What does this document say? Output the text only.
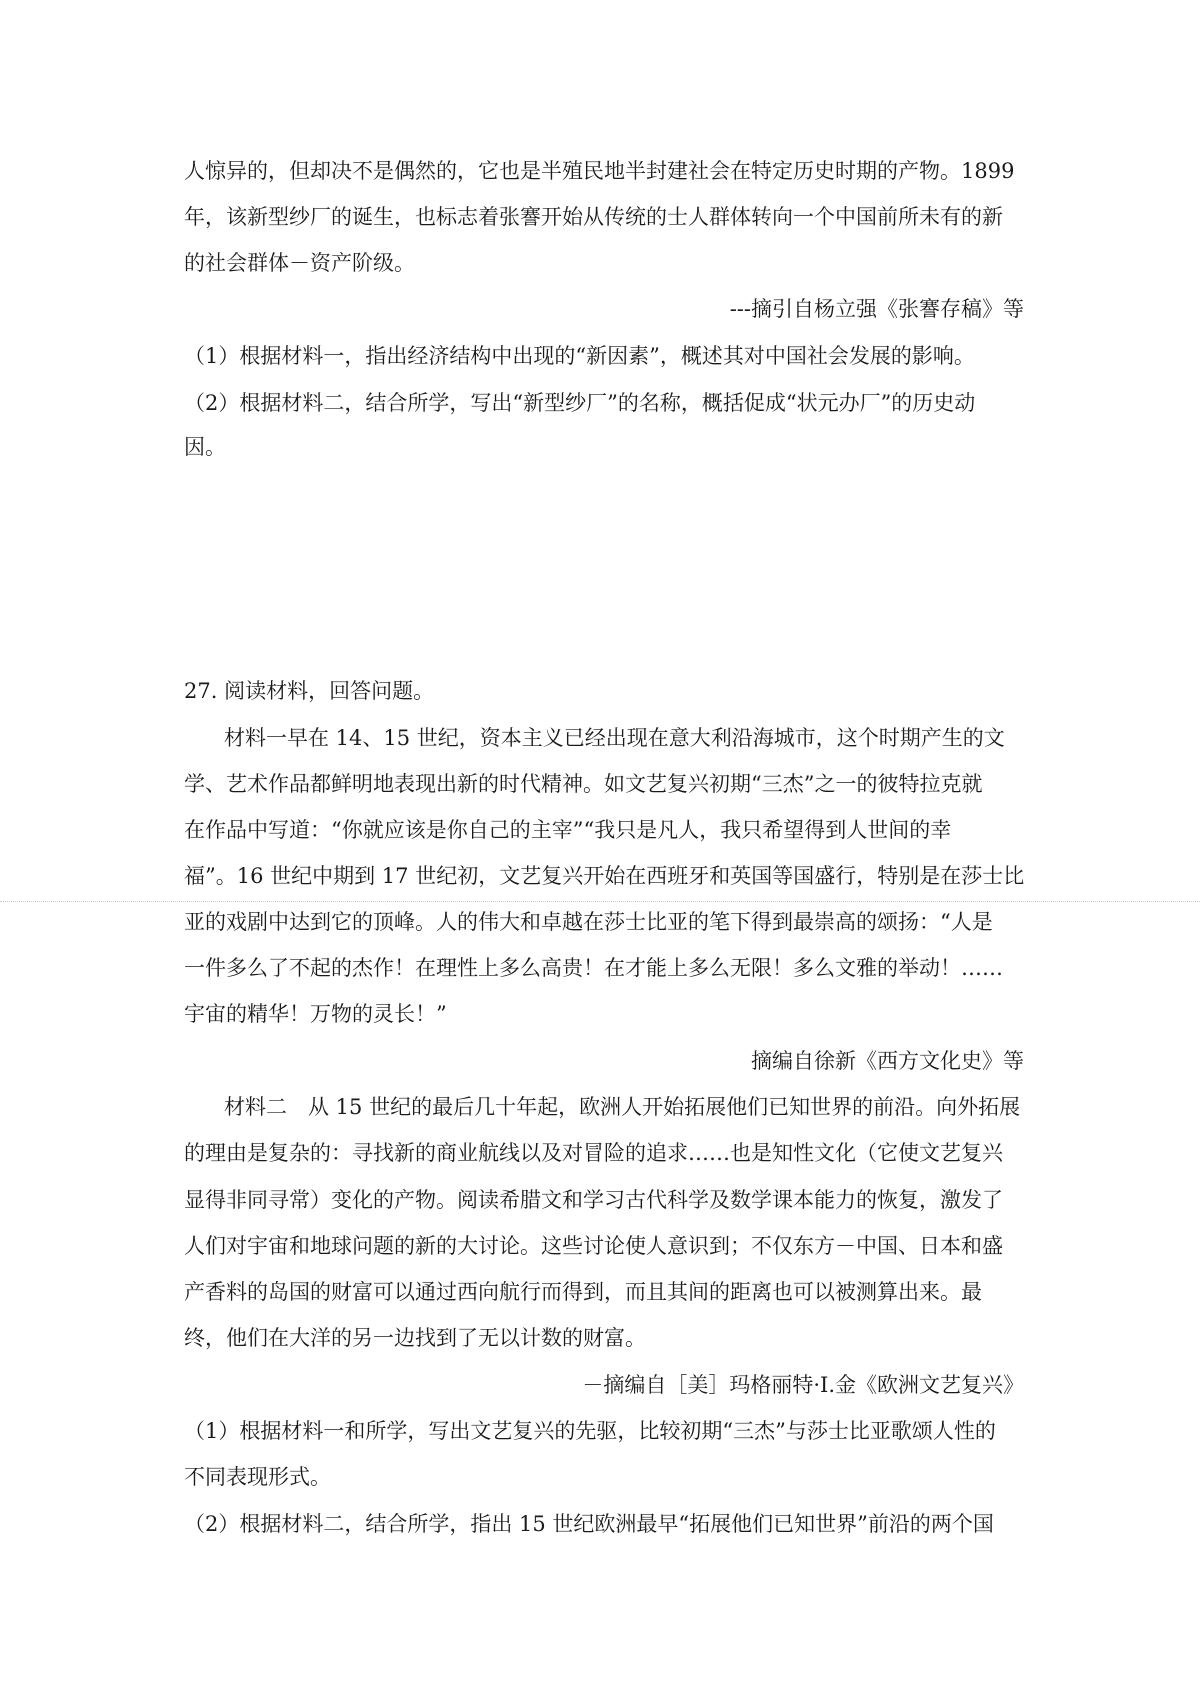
人惊异的，但却决不是偶然的，它也是半殖民地半封建社会在特定历史时期的产物。1899

年，该新型纱厂的诞生，也标志着张謇开始从传统的士人群体转向一个中国前所未有的新

的社会群体－资产阶级。

---摘引自杨立强《张謇存稿》等

（1）根据材料一，指出经济结构中出现的“新因素”，概述其对中国社会发展的影响。

（2）根据材料二，结合所学，写出“新型纱厂”的名称，概括促成“状元办厂”的历史动

因。

27. 阅读材料，回答问题。

材料一早在 14、15 世纪，资本主义已经出现在意大利沿海城市，这个时期产生的文

学、艺术作品都鲜明地表现出新的时代精神。如文艺复兴初期“三杰”之一的彼特拉克就

在作品中写道：“你就应该是你自己的主宰”“我只是凡人，我只希望得到人世间的幸

福”。16 世纪中期到 17 世纪初，文艺复兴开始在西班牙和英国等国盛行，特别是在莎士比

亚的戏剧中达到它的顶峰。人的伟大和卓越在莎士比亚的笔下得到最崇高的颂扬：“人是

一件多么了不起的杰作！在理性上多么高贵！在才能上多么无限！多么文雅的举动！……

宇宙的精华！万物的灵长！”

摘编自徐新《西方文化史》等

材料二　从 15 世纪的最后几十年起，欧洲人开始拓展他们已知世界的前沿。向外拓展

的理由是复杂的：寻找新的商业航线以及对冒险的追求……也是知性文化（它使文艺复兴

显得非同寻常）变化的产物。阅读希腊文和学习古代科学及数学课本能力的恢复，激发了

人们对宇宙和地球问题的新的大讨论。这些讨论使人意识到；不仅东方－中国、日本和盛

产香料的岛国的财富可以通过西向航行而得到，而且其间的距离也可以被测算出来。最

终，他们在大洋的另一边找到了无以计数的财富。

－摘编自［美］玛格丽特·I.金《欧洲文艺复兴》

（1）根据材料一和所学，写出文艺复兴的先驱，比较初期“三杰”与莎士比亚歌颂人性的

不同表现形式。

（2）根据材料二，结合所学，指出 15 世纪欧洲最早“拓展他们已知世界”前沿的两个国
